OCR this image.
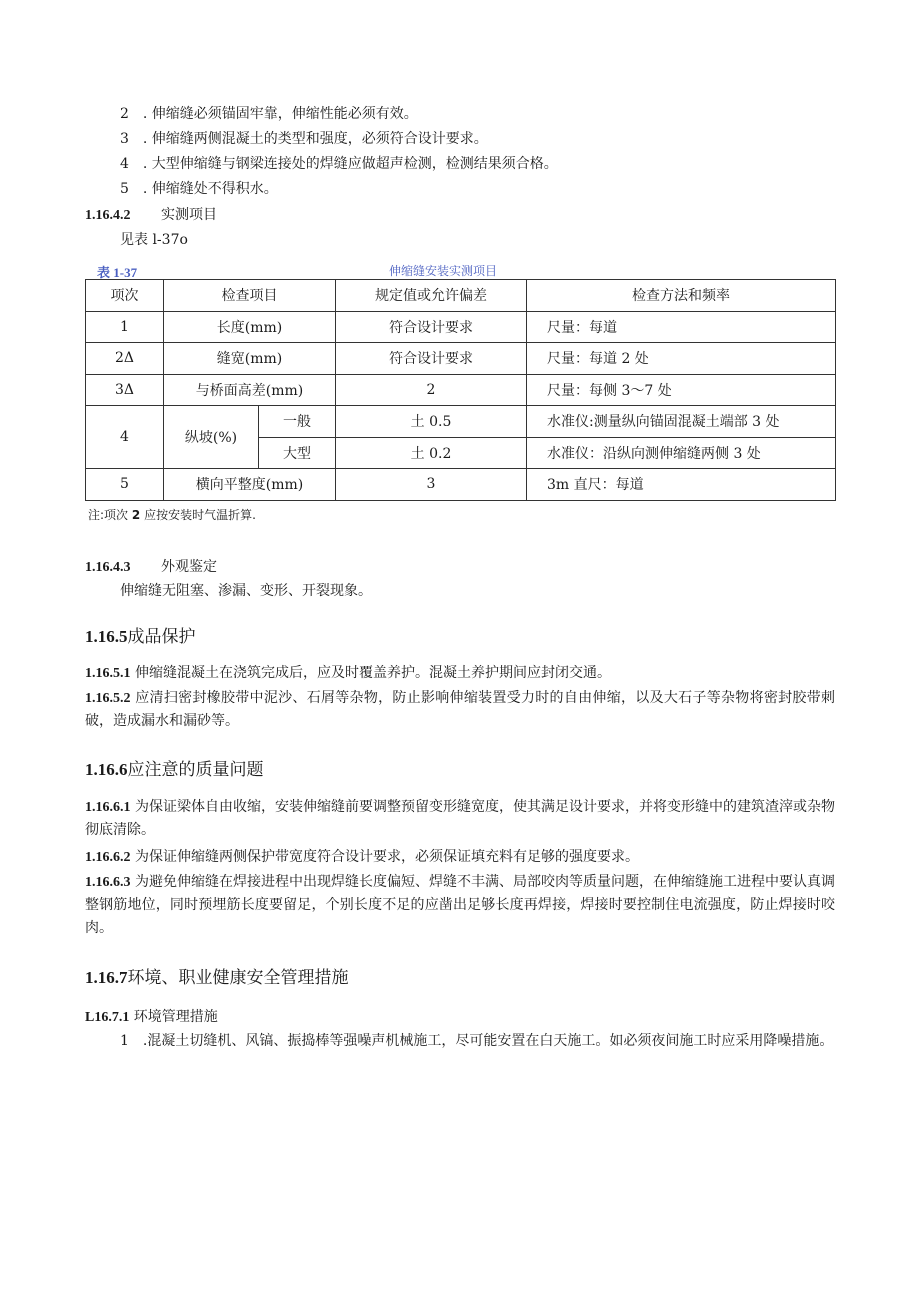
2　. 伸缩缝必须锚固牢靠，伸缩性能必须有效。
3　. 伸缩缝两侧混凝土的类型和强度，必须符合设计要求。
4　. 大型伸缩缝与钢梁连接处的焊缝应做超声检测，检测结果须合格。
5　. 伸缩缝处不得积水。
1.16.4.2 实测项目
见表 l-37o
表 1-37	伸缩缝安装实测项目
项次	检查项目		规定值或允许偏差	检查方法和频率
1	长度(mm)		符合设计要求	尺量：每道
2Δ	缝宽(mm)		符合设计要求	尺量：每道 2 处
3Δ	与桥面高差(mm)		2	尺量：每侧 3～7 处
4	纵坡(%)	一般	土 0.5	水准仪:测量纵向锚固混凝土端部 3 处
		大型	土 0.2	水准仪：沿纵向测伸缩缝两侧 3 处
5	横向平整度(mm)		3	3m 直尺：每道
注:项次 2 应按安装时气温折算.
1.16.4.3 外观鉴定
伸缩缝无阻塞、渗漏、变形、开裂现象。
1.16.5成品保护
1.16.5.1 伸缩缝混凝土在浇筑完成后，应及时覆盖养护。混凝土养护期间应封闭交通。
1.16.5.2 应清扫密封橡胶带中泥沙、石屑等杂物，防止影响伸缩装置受力时的自由伸缩，以及大石子等杂物将密封胶带刺破，造成漏水和漏砂等。
1.16.6应注意的质量问题
1.16.6.1 为保证梁体自由收缩，安装伸缩缝前要调整预留变形缝宽度，使其满足设计要求，并将变形缝中的建筑渣滓或杂物彻底清除。
1.16.6.2 为保证伸缩缝两侧保护带宽度符合设计要求，必须保证填充料有足够的强度要求。
1.16.6.3 为避免伸缩缝在焊接进程中出现焊缝长度偏短、焊缝不丰满、局部咬肉等质量问题，在伸缩缝施工进程中要认真调整钢筋地位，同时预埋筋长度要留足，个别长度不足的应凿出足够长度再焊接，焊接时要控制住电流强度，防止焊接时咬肉。
1.16.7环境、职业健康安全管理措施
L16.7.1 环境管理措施
1　.混凝土切缝机、风镐、振捣棒等强噪声机械施工，尽可能安置在白天施工。如必须夜间施工时应采用降噪措施。
